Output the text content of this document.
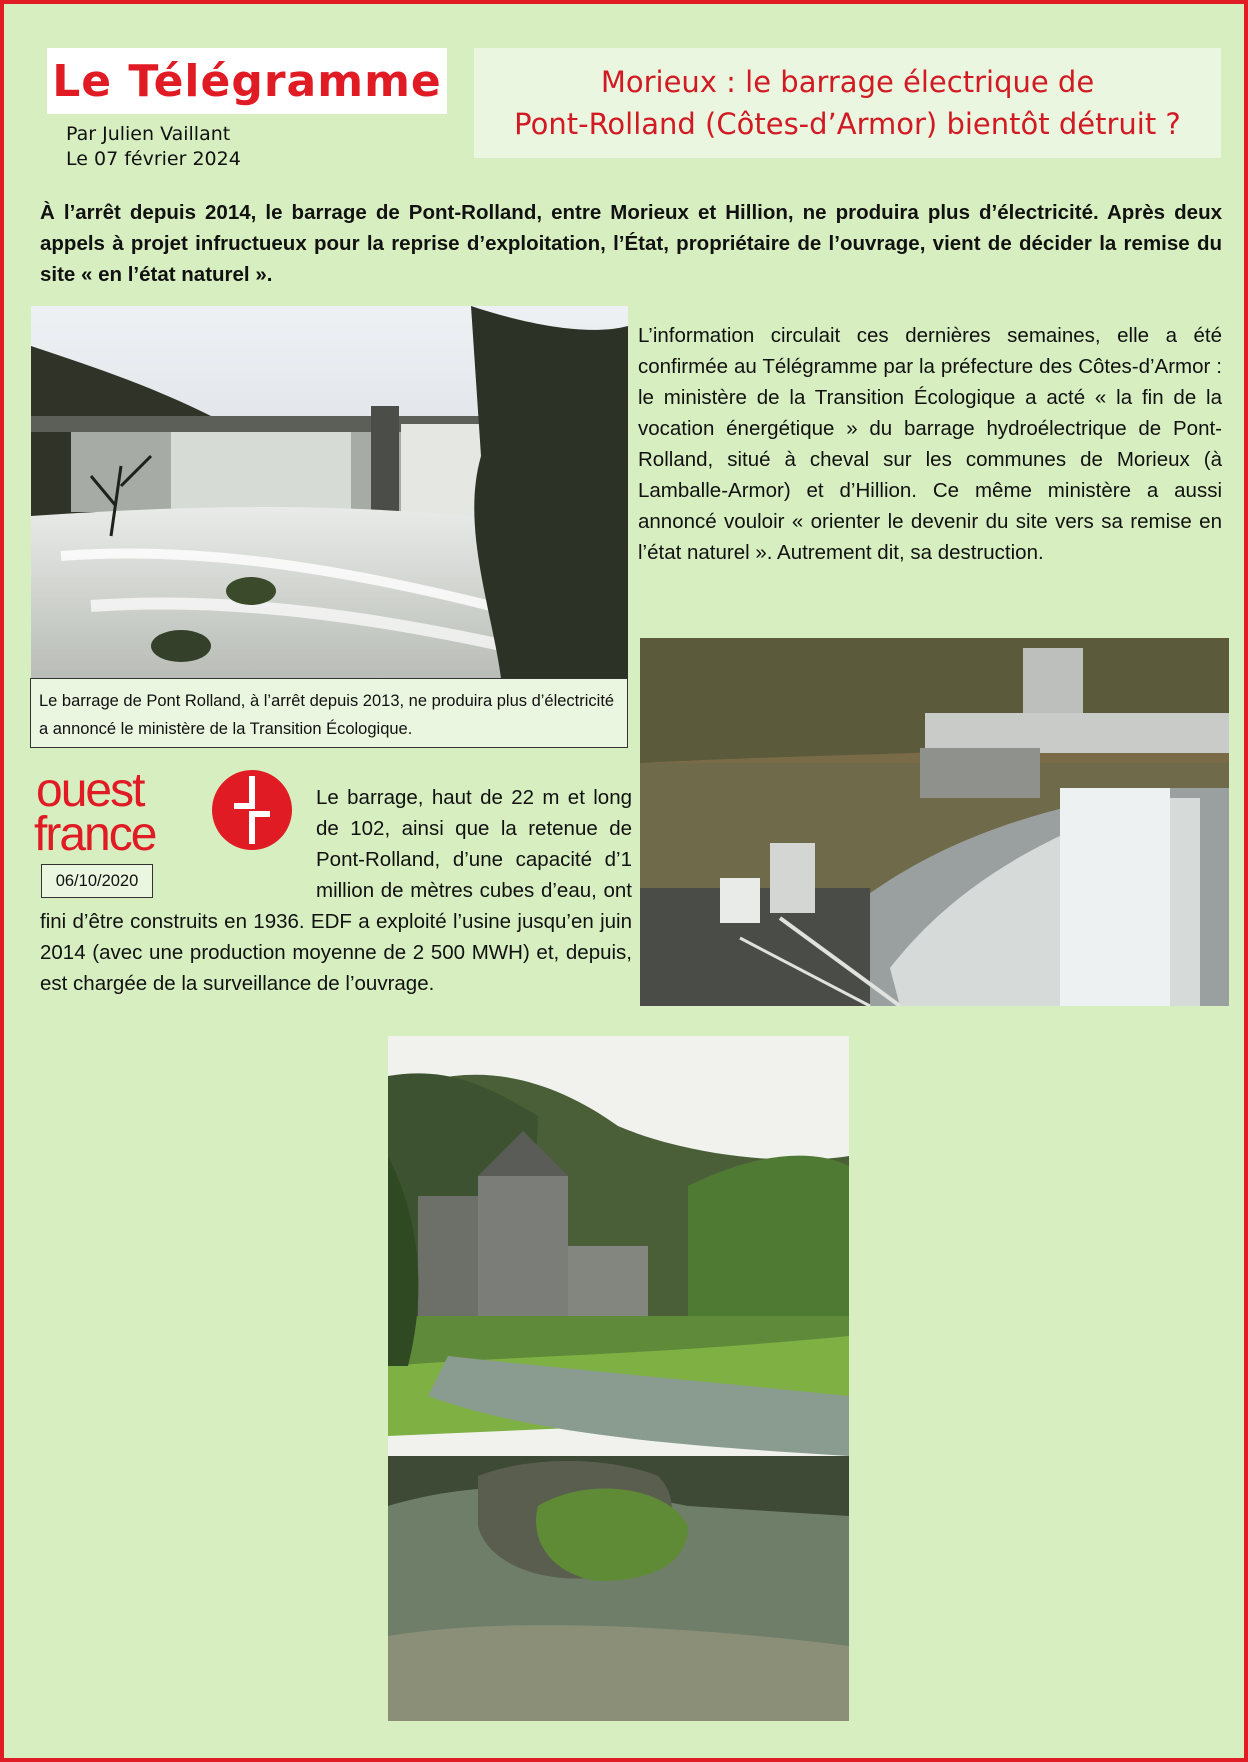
Le Télégramme
Par Julien Vaillant
Le 07 février 2024
Morieux : le barrage électrique de
Pont-Rolland (Côtes-d’Armor) bientôt détruit ?
À l’arrêt depuis 2014, le barrage de Pont-Rolland, entre Morieux et Hillion, ne produira plus d’électricité. Après deux appels à projet infructueux pour la reprise d’exploitation, l’État, propriétaire de l’ouvrage, vient de décider la remise du site « en l’état naturel ».
Le barrage de Pont Rolland, à l’arrêt depuis 2013, ne produira plus d’électricité a annoncé le ministère de la Transition Écologique.
L’information circulait ces dernières semaines, elle a été confirmée au Télégramme par la préfecture des Côtes-d’Armor : le ministère de la Transition Écologique a acté « la fin de la vocation énergétique » du barrage hydroélectrique de Pont-Rolland, situé à cheval sur les communes de Morieux (à Lamballe-Armor) et d’Hillion. Ce même ministère a aussi annoncé vouloir « orienter le devenir du site vers sa remise en l’état naturel ». Autrement dit, sa destruction.
ouest
france
06/10/2020
Le barrage, haut de 22 m et long de 102, ainsi que la retenue de Pont-Rolland, d’une capacité d’1 million de mètres cubes d’eau, ont fini d’être construits en 1936. EDF a exploité l’usine jusqu’en juin 2014 (avec une production moyenne de 2 500 MWH) et, depuis, est chargée de la surveillance de l’ouvrage.
